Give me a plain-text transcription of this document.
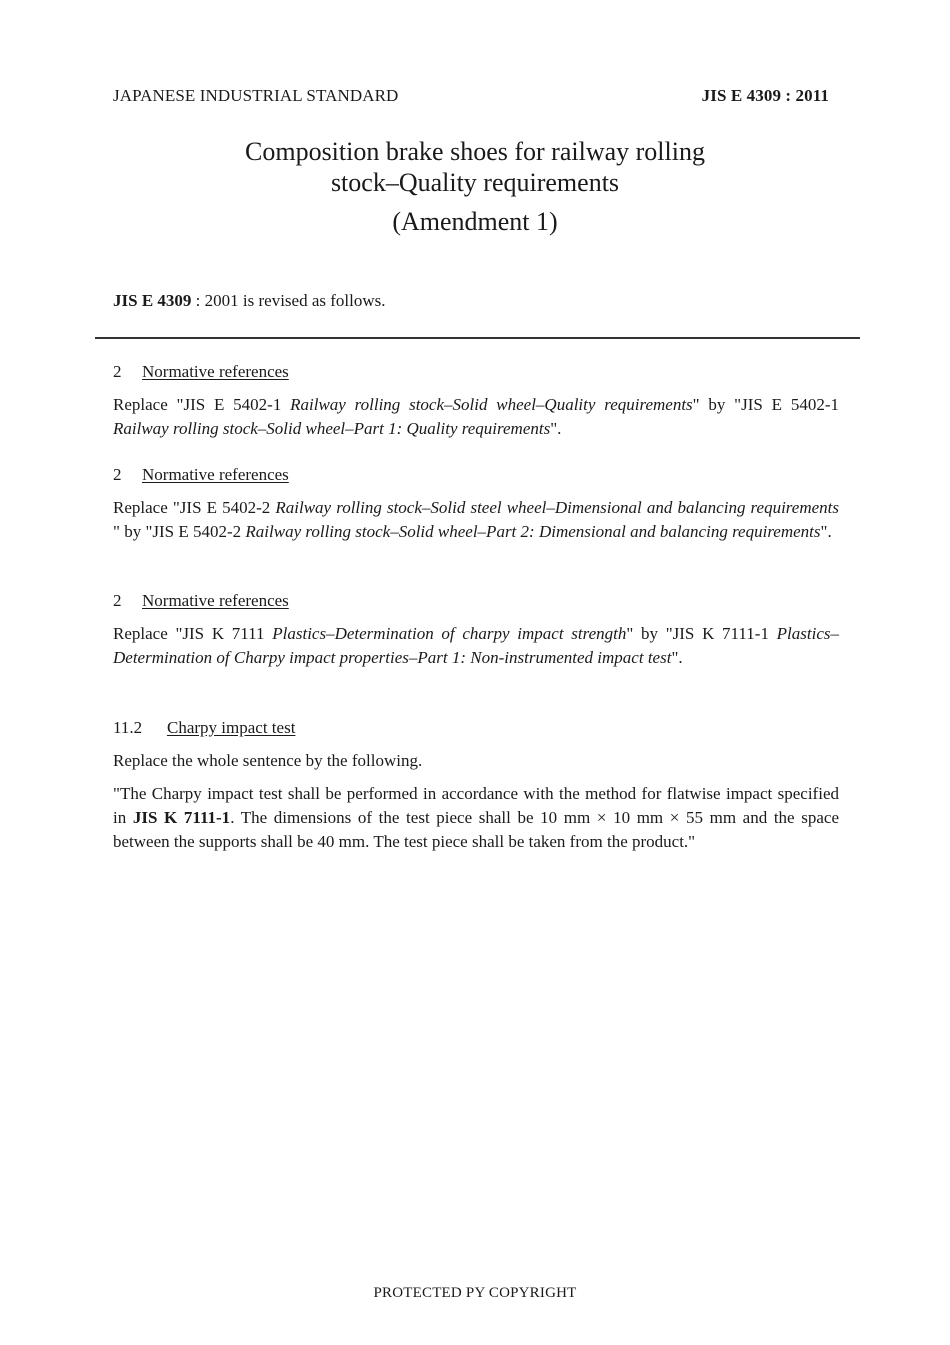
JAPANESE INDUSTRIAL STANDARD	JIS E 4309 : 2011
Composition brake shoes for railway rolling
stock–Quality requirements
(Amendment 1)
JIS E 4309 : 2001 is revised as follows.
2 Normative references

Replace "JIS E 5402-1 Railway rolling stock–Solid wheel–Quality requirements" by "JIS E 5402-1 Railway rolling stock–Solid wheel–Part 1: Quality requirements".

2 Normative references

Replace "JIS E 5402-2 Railway rolling stock–Solid steel wheel–Dimensional and balancing requirements " by "JIS E 5402-2 Railway rolling stock–Solid wheel–Part 2: Dimensional and balancing requirements".

2 Normative references

Replace "JIS K 7111 Plastics–Determination of charpy impact strength" by "JIS K 7111-1 Plastics–Determination of Charpy impact properties–Part 1: Non-instrumented impact test".

11.2 Charpy impact test

Replace the whole sentence by the following.

"The Charpy impact test shall be performed in accordance with the method for flatwise impact specified in JIS K 7111-1. The dimensions of the test piece shall be 10 mm × 10 mm × 55 mm and the space between the supports shall be 40 mm. The test piece shall be taken from the product."

PROTECTED PY COPYRIGHT
